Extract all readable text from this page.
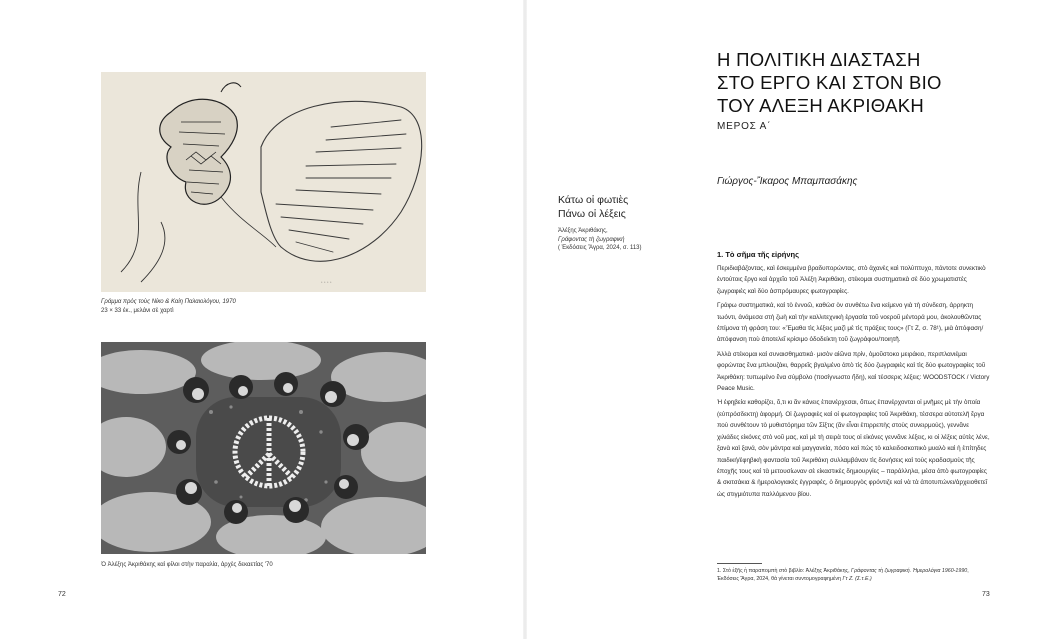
· · · ·
Γράμμα πρὸς τοὺς Νίκο & Καὶη Παλαιολόγου, 1970
23 × 33 ἑκ., μελάνι σὲ χαρτὶ
Ὁ Ἀλέξης Ἀκριθάκης καὶ φίλοι στὴν παραλία, ἀρχὲς δεκαετίας '70
72
Κάτω οἱ φωτιὲς
Πάνω οἱ λέξεις
Ἀλέξης Ἀκριθάκης,
Γράφοντας τὴ ζωγραφική
( Ἐκδόσεις Ἄγρα, 2024, σ. 113)
Η ΠΟΛΙΤΙΚΗ ΔΙΑΣΤΑΣΗ
ΣΤΟ ΕΡΓΟ ΚΑΙ ΣΤΟΝ ΒΙΟ
ΤΟΥ ΑΛΕΞΗ ΑΚΡΙΘΑΚΗ
ΜΕΡΟΣ Α΄
Γιώργος-Ἴκαρος Μπαμπασάκης
1. Τὸ σῆμα τῆς εἰρήνης

Περιδιαβάζοντας, καὶ ἐσκεμμένα βραδυπορώντας, στὸ ἀχανὲς καὶ πολύπτυχο, πάντοτε συνεκτικὸ ἐντούτοις ἔργο καὶ ἀρχεῖο τοῦ Ἀλέξη Ἀκριθάκη, στέκομαι συστηματικὰ σὲ δύο χρωματιστὲς ζωγραφιὲς καὶ δύο ἀσπρόμαυρες φωτογραφίες.

Γράφω συστηματικά, καὶ τὸ ἐννοῶ, καθὼσ ὸν συνθέτω ἕνα κείμενο γιὰ τὴ σύνδεση, ἀρρηκτη τωόντι, ἀνάμεσα στὴ ζωὴ καὶ τὴν καλλιτεχνικὴ ἐργασία τοῦ νοεροῦ μέντορά μου, ἀκολουθῶντας ἐπίμονα τὴ φράση του: «Ἔμαθα τὶς λέξεις μαζὶ μὲ τὶς πράξεις τους» (Γτ Ζ, σ. 78¹), μιὰ ἀπόφαση/ἀπόφανση ποὺ ἀποτελεῖ κρίσιμο ὁδοδείκτη τοῦ ζωγράφου/ποιητῆ.

Ἀλλὰ στέκομαι καὶ συναισθηματικά· μισὸν αἰῶνα πρίν, ὁμοῦστοκο μειράκιο, περιπλανιέμαι φορώντας ἕνα μπλουζάκι, θαρρεῖς βγαλμένο ἀπὸ τὶς δύο ζωγραφιὲς καὶ τὶς δύο φωτογραφίες τοῦ Ἀκριθάκη: τυπωμένο ἕνα σύμβολο (ποσίγνωστο ἤδη), καὶ τέσσερις λέξεις: WOODSTOCK / Victory Peace Music.

Ἡ ἐφηβεία καθορίζει, ὅ,τι κι ἂν κάνεις ἐπανέρχεσαι, ὅπως ἐπανέρχονται οἱ μνῆμες μὲ τὴν ὁποία (εὐπρόσδεκτη) ἀφορμή. Οἱ ζωγραφιὲς καὶ οἱ φωτογραφίες τοῦ Ἀκριθάκη, τέσσερα αὐτοτελῆ ἔργα ποὺ συνθέτουν τὸ μυθιστόρημα τῶν Σίξτις (ἂν εἶναι ἐπιρρεπὴς στοὺς συνειρμούς), γεννᾶνε χιλιάδες εἰκόνες στὸ νοῦ μας, καὶ μὲ τὴ σειρὰ τους οἱ εἰκόνες γεννᾶνε λέξεις, κι οἱ λέξεις αὐτὲς λένε, ξανὰ καὶ ξανά, σὸν μάντρα καὶ μαγγανεία, πόσο καὶ πὼς τὸ καλειδοσκοπικὸ μυαλὸ καὶ ἡ ἐπίτηδες παιδική/ἐφηβικὴ φαντασία τοῦ Ἀκριθάκη συλλαμβάναν τὶς δονήσεις καὶ τοὺς κραδασμοὺς τῆς ἐποχῆς τους καὶ τὰ μετουσίωναν σὲ εἰκαστικὲς δημιουργίες – παράλληλα, μέσα ἀπὸ φωτογραφίες & σκιτσάκια & ἡμερολογιακὲς ἐγγραφές, ὁ δημιουργὸς φρόντιζε καὶ νὰ τὰ ἀποτυπώνει/ἀρχειοθετεῖ ὡς στιγμιότυπα παλλόμενου βίου.

1. Στὸ ἑξῆς ἡ παραπομπὴ στὸ βιβλίο: Ἀλέξης Ἀκριθάκης, Γράφοντας τὴ ζωγραφική. Ἡμερολόγια 1960-1990, Ἐκδόσεις Ἄγρα, 2024, θὰ γίνεται συντομογραφημένη Γτ Ζ. (Σ.τ.Ε.)
73
